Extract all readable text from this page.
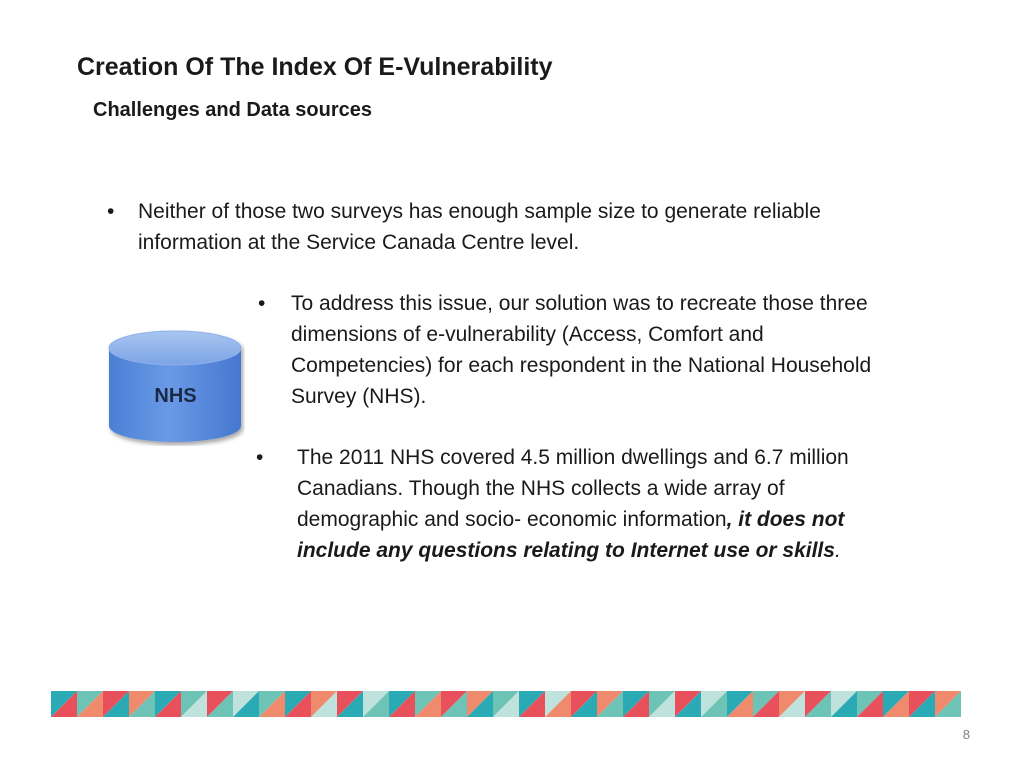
Creation Of The Index Of E-Vulnerability
Challenges and Data sources
• Neither of those two surveys has enough sample size to generate reliable information at the Service Canada Centre level.
NHS
• To address this issue, our solution was to recreate those three dimensions of e-vulnerability (Access, Comfort and Competencies) for each respondent in the National Household Survey (NHS).
• The 2011 NHS covered 4.5 million dwellings and 6.7 million Canadians. Though the NHS collects a wide array of demographic and socio- economic information, it does not include any questions relating to Internet use or skills.
8
